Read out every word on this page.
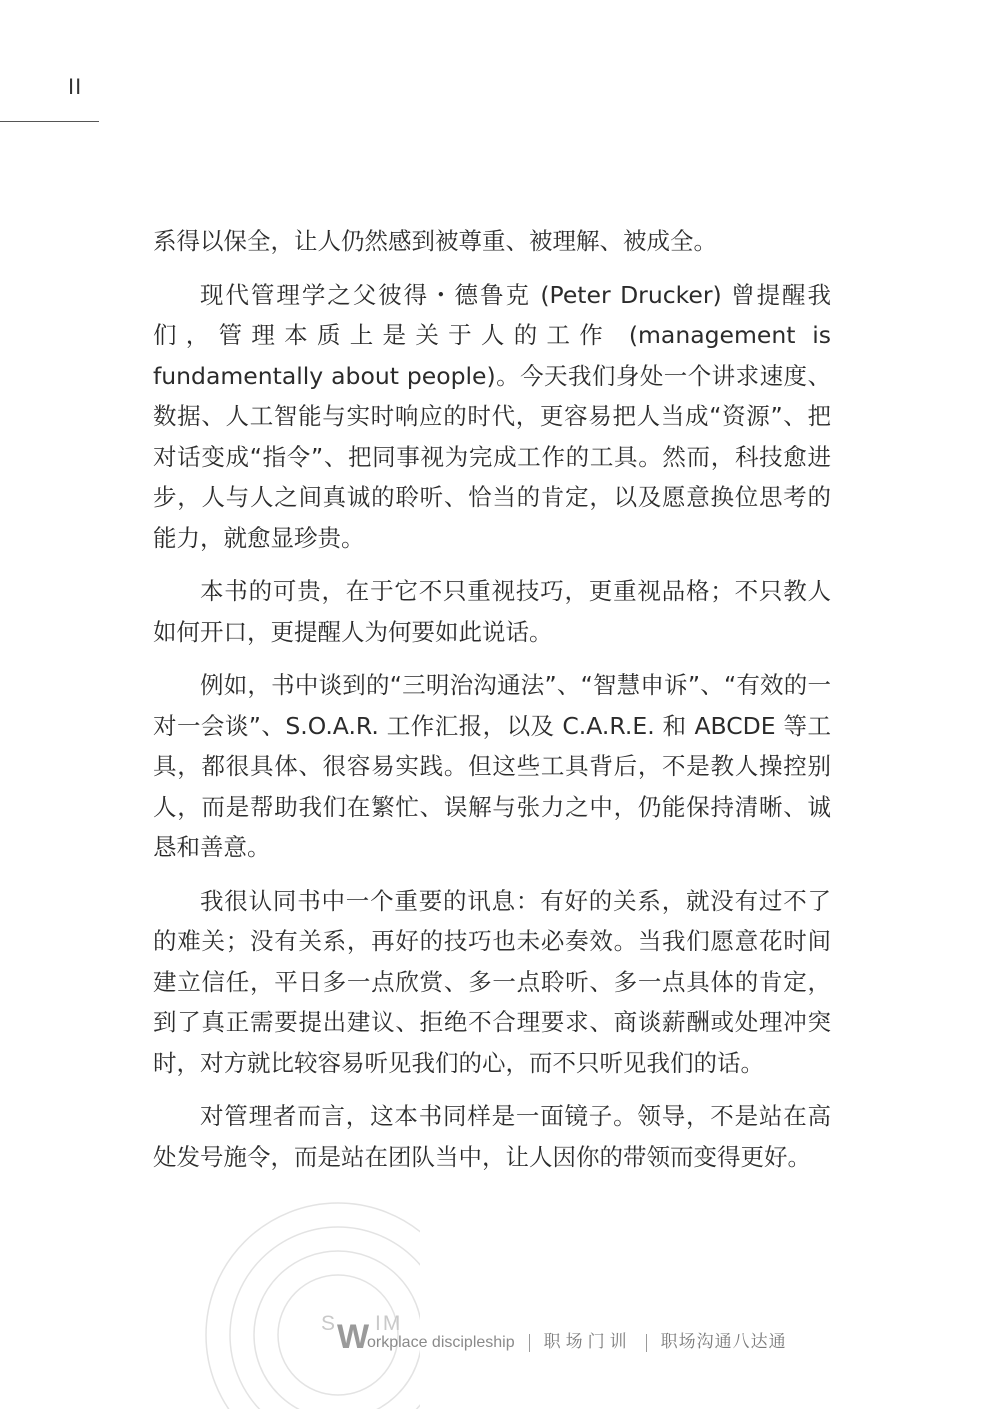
II

系得以保全，让人仍然感到被尊重、被理解、被成全。

现代管理学之父彼得・德鲁克 (Peter Drucker) 曾提醒我们，管理本质上是关于人的工作 (management is fundamentally about people)。今天我们身处一个讲求速度、数据、人工智能与实时响应的时代，更容易把人当成“资源”、把对话变成“指令”、把同事视为完成工作的工具。然而，科技愈进步，人与人之间真诚的聆听、恰当的肯定，以及愿意换位思考的能力，就愈显珍贵。

本书的可贵，在于它不只重视技巧，更重视品格；不只教人如何开口，更提醒人为何要如此说话。

例如，书中谈到的“三明治沟通法”、“智慧申诉”、“有效的一对一会谈”、S.O.A.R. 工作汇报，以及 C.A.R.E. 和 ABCDE 等工具，都很具体、很容易实践。但这些工具背后，不是教人操控别人，而是帮助我们在繁忙、误解与张力之中，仍能保持清晰、诚恳和善意。

我很认同书中一个重要的讯息：有好的关系，就没有过不了的难关；没有关系，再好的技巧也未必奏效。当我们愿意花时间建立信任，平日多一点欣赏、多一点聆听、多一点具体的肯定，到了真正需要提出建议、拒绝不合理要求、商谈薪酬或处理冲突时，对方就比较容易听见我们的心，而不只听见我们的话。

对管理者而言，这本书同样是一面镜子。领导，不是站在高处发号施令，而是站在团队当中，让人因你的带领而变得更好。

S W IM
orkplace discipleship 职场门训 职场沟通八达通
